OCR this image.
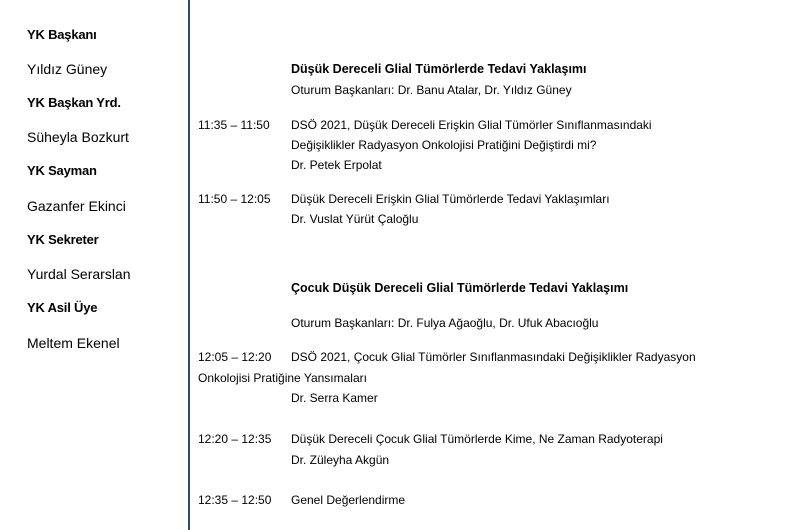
YK Başkanı
Yıldız Güney
YK Başkan Yrd.
Süheyla Bozkurt
YK Sayman
Gazanfer Ekinci
YK Sekreter
Yurdal Serarslan
YK Asil Üye
Meltem Ekenel
Düşük Dereceli Glial Tümörlerde Tedavi Yaklaşımı
Oturum Başkanları: Dr. Banu Atalar, Dr. Yıldız Güney
11:35 – 11:50 DSÖ 2021, Düşük Dereceli Erişkin Glial Tümörler Sınıflanmasındaki
Değişiklikler Radyasyon Onkolojisi Pratiğini Değiştirdi mi?
Dr. Petek Erpolat
11:50 – 12:05 Düşük Dereceli Erişkin Glial Tümörlerde Tedavi Yaklaşımları
Dr. Vuslat Yürüt Çaloğlu
Çocuk Düşük Dereceli Glial Tümörlerde Tedavi Yaklaşımı
Oturum Başkanları: Dr. Fulya Ağaoğlu, Dr. Ufuk Abacıoğlu
12:05 – 12:20 DSÖ 2021, Çocuk Glial Tümörler Sınıflanmasındaki Değişiklikler Radyasyon
Onkolojisi Pratiğine Yansımaları
Dr. Serra Kamer
12:20 – 12:35 Düşük Dereceli Çocuk Glial Tümörlerde Kime, Ne Zaman Radyoterapi
Dr. Züleyha Akgün
12:35 – 12:50 Genel Değerlendirme
